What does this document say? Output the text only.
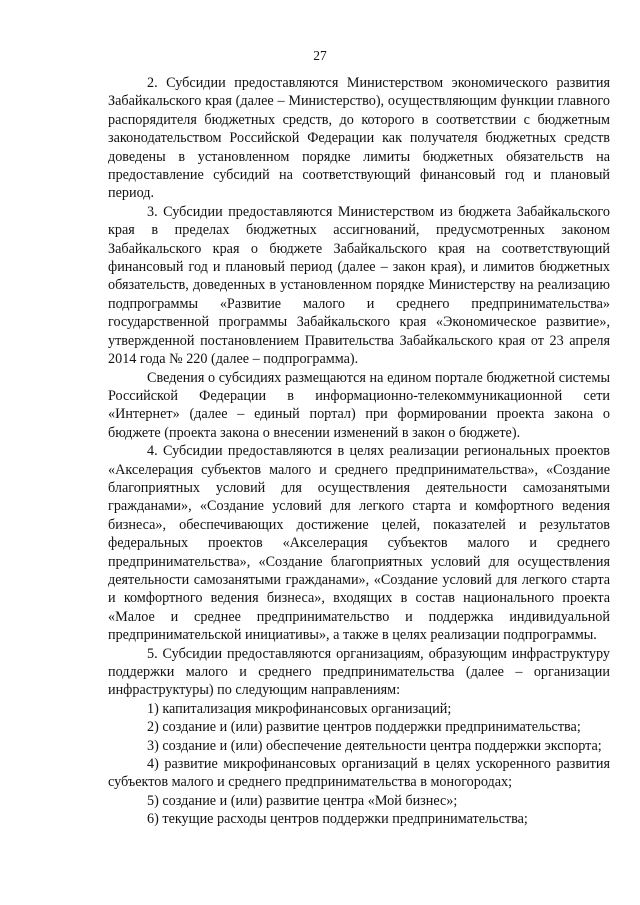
27

2. Субсидии предоставляются Министерством экономического развития Забайкальского края (далее – Министерство), осуществляющим функции главного распорядителя бюджетных средств, до которого в соответствии с бюджетным законодательством Российской Федерации как получателя бюджетных средств доведены в установленном порядке лимиты бюджетных обязательств на предоставление субсидий на соответствующий финансовый год и плановый период.

3. Субсидии предоставляются Министерством из бюджета Забайкальского края в пределах бюджетных ассигнований, предусмотренных законом Забайкальского края о бюджете Забайкальского края на соответствующий финансовый год и плановый период (далее – закон края), и лимитов бюджетных обязательств, доведенных в установленном порядке Министерству на реализацию подпрограммы «Развитие малого и среднего предпринимательства» государственной программы Забайкальского края «Экономическое развитие», утвержденной постановлением Правительства Забайкальского края от 23 апреля 2014 года № 220 (далее – подпрограмма).

Сведения о субсидиях размещаются на едином портале бюджетной системы Российской Федерации в информационно-телекоммуникационной сети «Интернет» (далее – единый портал) при формировании проекта закона о бюджете (проекта закона о внесении изменений в закон о бюджете).

4. Субсидии предоставляются в целях реализации региональных проектов «Акселерация субъектов малого и среднего предпринимательства», «Создание благоприятных условий для осуществления деятельности самозанятыми гражданами», «Создание условий для легкого старта и комфортного ведения бизнеса», обеспечивающих достижение целей, показателей и результатов федеральных проектов «Акселерация субъектов малого и среднего предпринимательства», «Создание благоприятных условий для осуществления деятельности самозанятыми гражданами», «Создание условий для легкого старта и комфортного ведения бизнеса», входящих в состав национального проекта «Малое и среднее предпринимательство и поддержка индивидуальной предпринимательской инициативы», а также в целях реализации подпрограммы.

5. Субсидии предоставляются организациям, образующим инфраструктуру поддержки малого и среднего предпринимательства (далее – организации инфраструктуры) по следующим направлениям:

1) капитализация микрофинансовых организаций;
2) создание и (или) развитие центров поддержки предпринимательства;
3) создание и (или) обеспечение деятельности центра поддержки экспорта;
4) развитие микрофинансовых организаций в целях ускоренного развития субъектов малого и среднего предпринимательства в моногородах;
5) создание и (или) развитие центра «Мой бизнес»;
6) текущие расходы центров поддержки предпринимательства;
